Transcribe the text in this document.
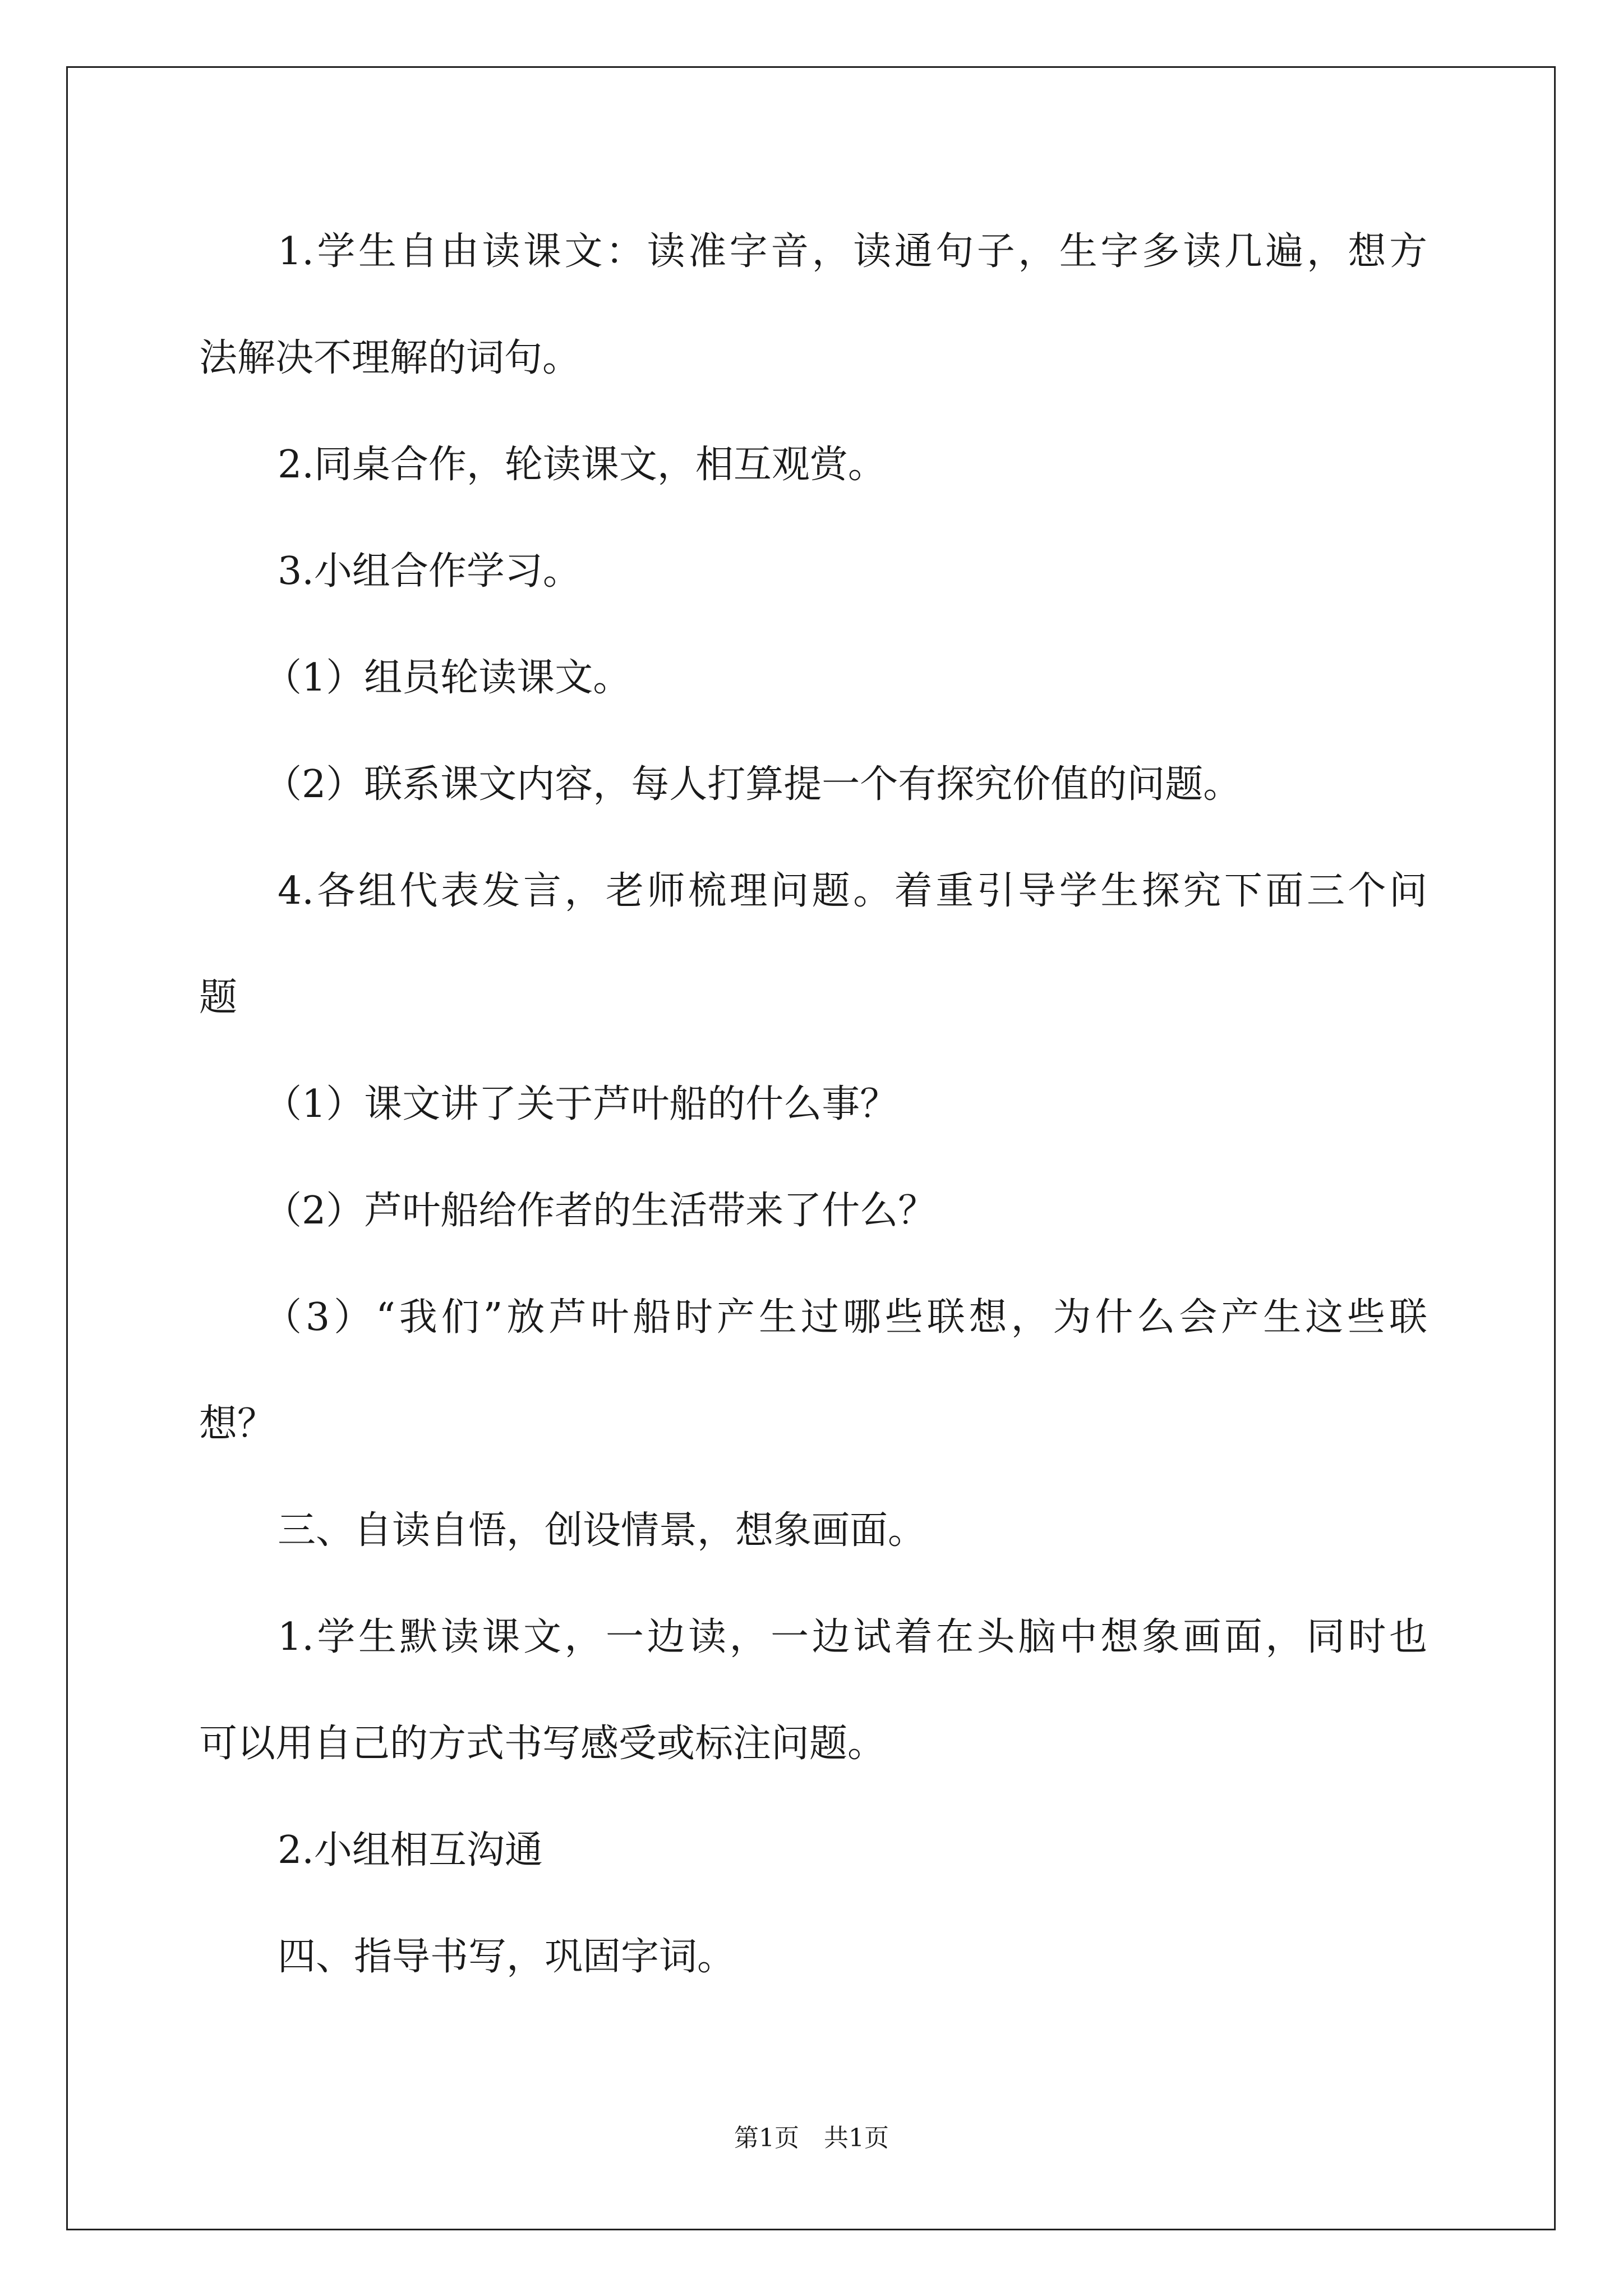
1.学生自由读课文：读准字音，读通句子，生字多读几遍，想方
法解决不理解的词句。
2.同桌合作，轮读课文，相互观赏。
3.小组合作学习。
（1）组员轮读课文。
（2）联系课文内容，每人打算提一个有探究价值的问题。
4.各组代表发言，老师梳理问题。着重引导学生探究下面三个问
题
（1）课文讲了关于芦叶船的什么事？
（2）芦叶船给作者的生活带来了什么？
（3）“我们”放芦叶船时产生过哪些联想，为什么会产生这些联
想？
三、自读自悟，创设情景，想象画面。
1.学生默读课文，一边读，一边试着在头脑中想象画面，同时也
可以用自己的方式书写感受或标注问题。
2.小组相互沟通
四、指导书写，巩固字词。
第1页　共1页
